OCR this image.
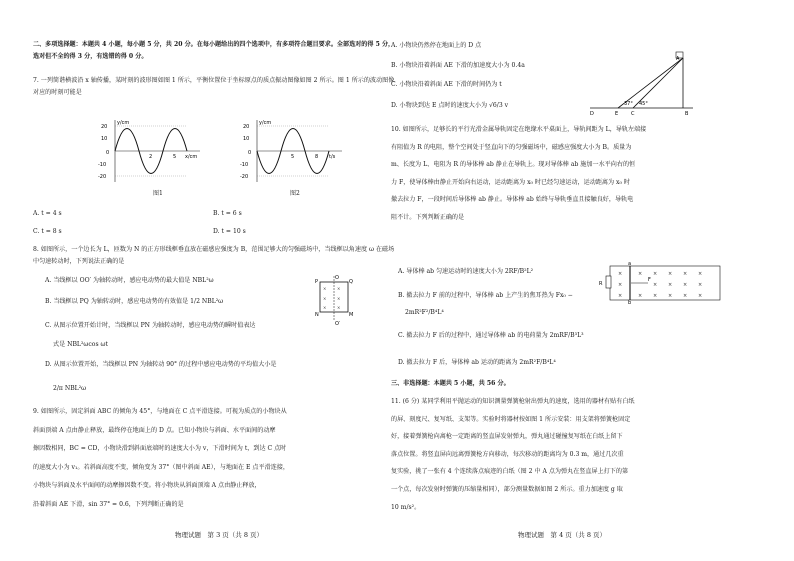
二、多项选择题：本题共 4 小题，每小题 5 分，共 20 分。在每小题给出的四个选项中，有多项符合题目要求。全部选对的得 5 分，选对但不全的得 3 分，有选错的得 0 分。

7. 一列简谐横波沿 x 轴传播，某时刻的波形图如图 1 所示，平衡位置位于坐标原点的质点振动图像如图 2 所示。图 1 所示的波动图像对应的时刻可能是

y/cm
20
10
0
-10
-20
2	5 x/cm
图1
y/cm
20
10
0
-10
-20
5	8 t/s
图2
A. t = 4 s	B. t = 6 s
C. t = 8 s	D. t = 10 s

8. 如图所示，一个边长为 L，匝数为 N 的正方形线框垂直放在磁感应强度为 B，范围足够大的匀强磁场中，当线框以角速度 ω 在磁场中匀速转动时，下列说法正确的是

A. 当线框以 OO′ 为轴转动时，感应电动势的最大值是 NBL²ω
B. 当线框以 PQ 为轴转动时，感应电动势的有效值是 1/2 NBL²ω
C. 从图示位置开始计时，当线框以 PN 为轴转动时，感应电动势的瞬时值表达
式是 NBL²ωcos ωt
D. 从图示位置开始，当线框以 PN 为轴转动 90° 的过程中感应电动势的平均值大小是
2/π NBL²ω
×	×
×	×
×	×
P	Q
N	M
O
O′

9. 如图所示，固定斜面 ABC 的倾角为 45°，与地面在 C 点平滑连接。可视为质点的小物块从

斜面顶端 A 点由静止释放，最终停在地面上的 D 点。已知小物块与斜面、水平面间的动摩

擦因数相同，BC = CD，小物块滑到斜面底端时的速度大小为 v，下滑时间为 t，到达 C 点时

的速度大小为 v₁。若斜面高度不变，倾角变为 37°（图中斜面 AE），与地面在 E 点平滑连接，

小物块与斜面及水平面间的动摩擦因数不变。将小物块从斜面顶端 A 点由静止释放，

沿着斜面 AE 下滑，sin 37° = 0.6，下列判断正确的是

物理试题　第 3 页（共 8 页）
A. 小物块仍然停在地面上的 D 点
B. 小物块沿着斜面 AE 下滑的加速度大小为 0.4a
C. 小物块沿着斜面 AE 下滑的时间仍为 t
D. 小物块到达 E 点时的速度大小为 √6/3 v
A
D	E	C	B
37° 45°

10. 如图所示，足够长的平行光滑金属导轨固定在绝缘水平桌面上，导轨间距为 L，导轨左端接

有阻值为 R 的电阻，整个空间处于竖直向下的匀强磁场中，磁感应强度大小为 B。质量为

m、长度为 L、电阻为 R 的导体棒 ab 静止在导轨上。现对导体棒 ab 施加一水平向右的恒

力 F，使导体棒由静止开始向右运动，运动距离为 x₀ 时已经匀速运动，运动距离为 x₀ 时

撤去拉力 F，一段时间后导体棒 ab 静止。导体棒 ab 始终与导轨垂直且接触良好，导轨电

阻不计。下列判断正确的是

A. 导体棒 ab 匀速运动时的速度大小为 2RF/B²L²
B. 撤去拉力 F 前的过程中，导体棒 ab 上产生的焦耳热为 Fx₀ −
2mR²F²/B⁴L⁴
C. 撤去拉力 F 后的过程中，通过导体棒 ab 的电荷量为 2mRF/B³L³
D. 撤去拉力 F 后，导体棒 ab 运动的距离为 2mR²F/B⁴L⁴
×	× × × × ×
×	× × × ×
×	× × × × ×
R
a
b
F

三、非选择题：本题共 5 小题，共 56 分。

11. (6 分) 某同学利用平抛运动的知识测量弹簧枪射出弹丸的速度，选用的器材有贴有白纸

的屏、刻度尺、复写纸、支架等。实验时将器材按如图 1 所示安装：用支架将弹簧枪固定

好，接着弹簧枪向离枪一定距离的竖直屏发射弹丸，弹丸通过碰撞复写纸在白纸上留下

落点位置。将竖直屏向远离弹簧枪方向移动，每次移动的距离均为 0.3 m，通过几次重

复实验，挑了一张有 4 个连续落点痕迹的白纸（图 2 中 A 点为弹丸在竖直屏上打下的第

一个点，每次发射时弹簧的压缩量相同），部分测量数据如图 2 所示。重力加速度 g 取

10 m/s²。

物理试题　第 4 页（共 8 页）
